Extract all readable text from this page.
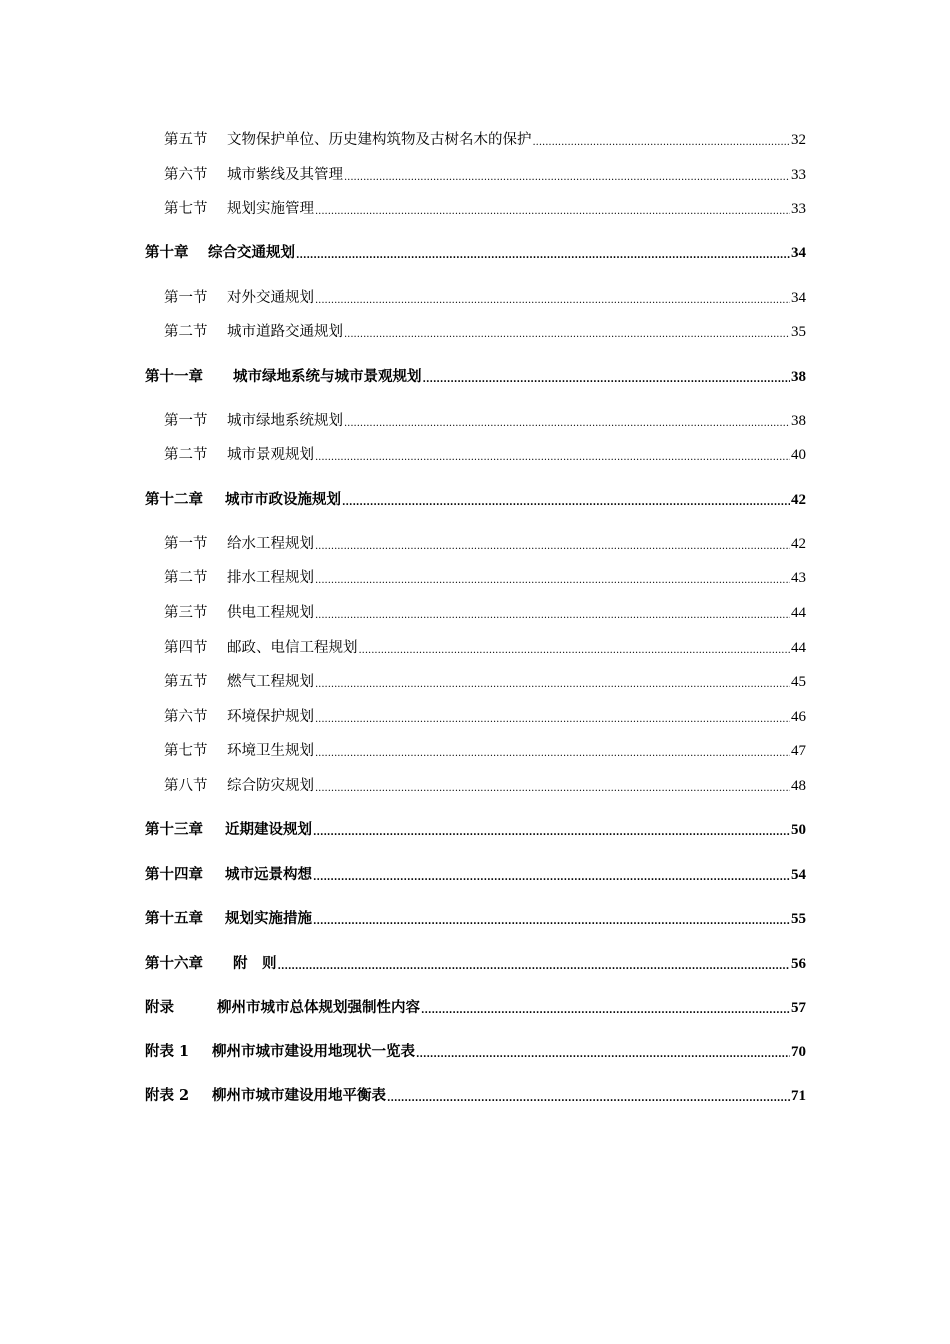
第五节	文物保护单位、历史建构筑物及古树名木的保护 .....	32
第六节	城市紫线及其管理 .....	33
第七节	规划实施管理 .....	33
第十章	综合交通规划 .....	34
第一节	对外交通规划 .....	34
第二节	城市道路交通规划 .....	35
第十一章	城市绿地系统与城市景观规划 .....	38
第一节	城市绿地系统规划 .....	38
第二节	城市景观规划 .....	40
第十二章	城市市政设施规划 .....	42
第一节	给水工程规划 .....	42
第二节	排水工程规划 .....	43
第三节	供电工程规划 .....	44
第四节	邮政、电信工程规划 .....	44
第五节	燃气工程规划 .....	45
第六节	环境保护规划 .....	46
第七节	环境卫生规划 .....	47
第八节	综合防灾规划 .....	48
第十三章	近期建设规划 .....	50
第十四章	城市远景构想 .....	54
第十五章	规划实施措施 .....	55
第十六章	附　则 .....	56
附录	柳州市城市总体规划强制性内容 .....	57
附表 1	柳州市城市建设用地现状一览表 .....	70
附表 2	柳州市城市建设用地平衡表 .....	71
